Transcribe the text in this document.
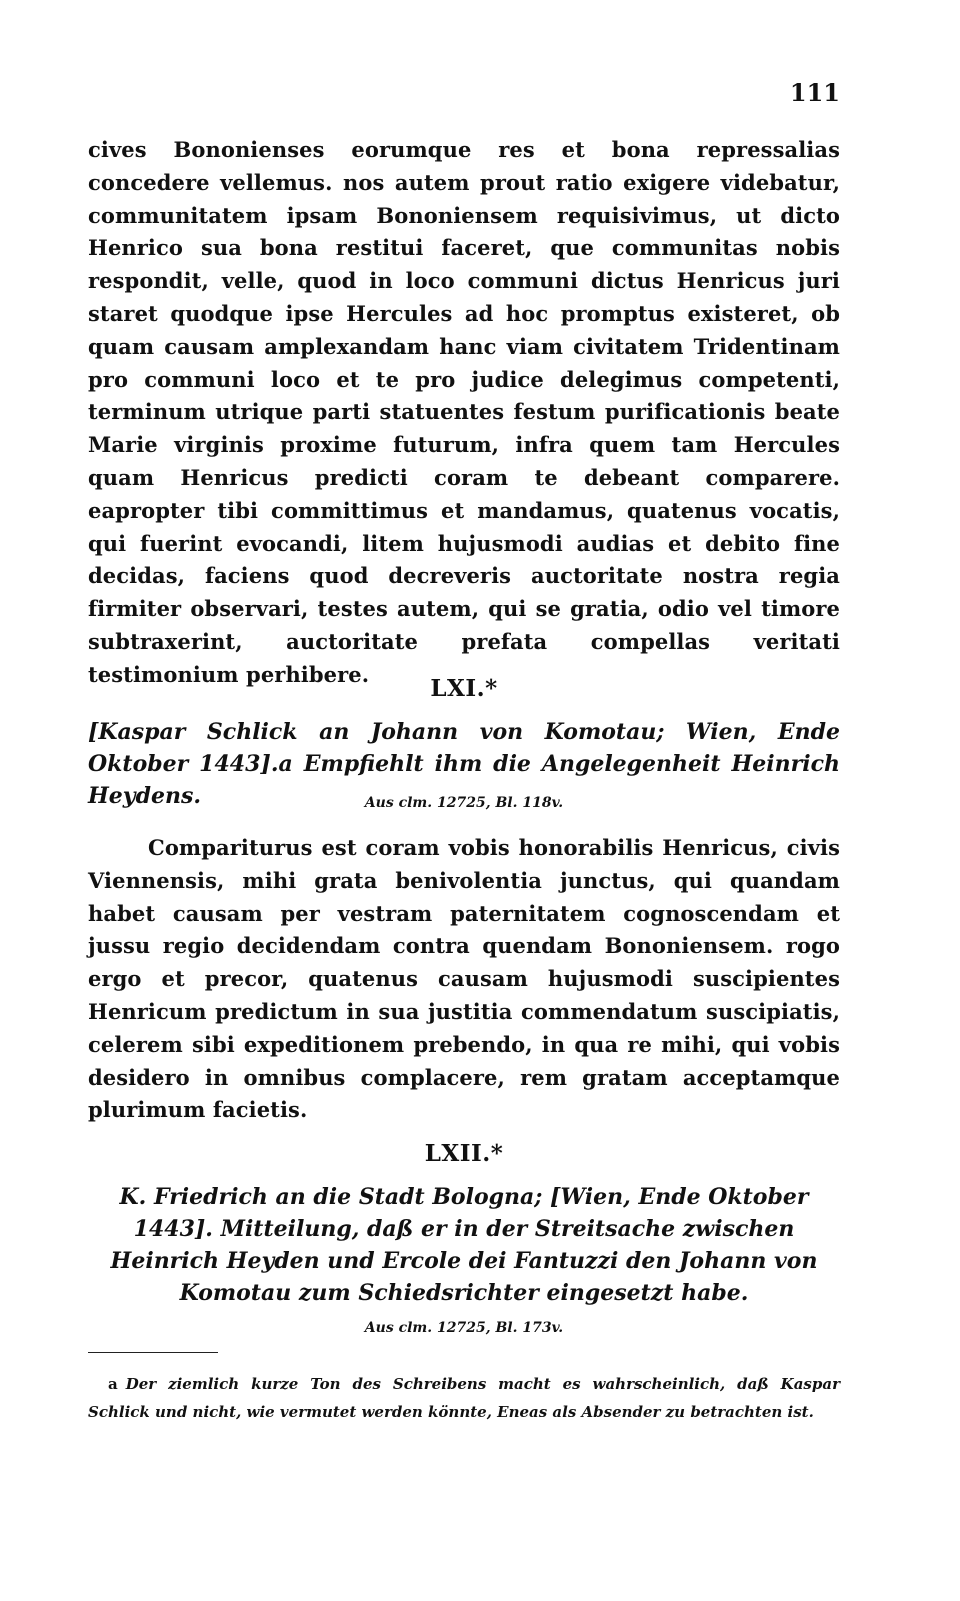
111

cives Bononienses eorumque res et bona repressalias concedere vellemus. nos autem prout ratio exigere videbatur, communitatem ipsam Bononiensem requisivimus, ut dicto Henrico sua bona restitui faceret, que communitas nobis respondit, velle, quod in loco communi dictus Henricus juri staret quodque ipse Hercules ad hoc promptus existeret, ob quam causam amplexandam hanc viam civitatem Tridentinam pro communi loco et te pro judice delegimus competenti, terminum utrique parti statuentes festum purificationis beate Marie virginis proxime futurum, infra quem tam Hercules quam Henricus predicti coram te debeant comparere. eapropter tibi committimus et mandamus, quatenus vocatis, qui fuerint evocandi, litem hujusmodi audias et debito fine decidas, faciens quod decreveris auctoritate nostra regia firmiter observari, testes autem, qui se gratia, odio vel timore subtraxerint, auctoritate prefata compellas veritati testimonium perhibere.

LXI.*
[Kaspar Schlick an Johann von Komotau; Wien, Ende Oktober 1443].a Empfiehlt ihm die Angelegenheit Heinrich Heydens.	Aus clm. 12725, Bl. 118v.

Compariturus est coram vobis honorabilis Henricus, civis Viennensis, mihi grata benivolentia junctus, qui quandam habet causam per vestram paternitatem cognoscendam et jussu regio decidendam contra quendam Bononiensem. rogo ergo et precor, quatenus causam hujusmodi suscipientes Henricum predictum in sua justitia commendatum suscipiatis, celerem sibi expeditionem prebendo, in qua re mihi, qui vobis desidero in omnibus complacere, rem gratam acceptamque plurimum facietis.

LXII.*
K. Friedrich an die Stadt Bologna; [Wien, Ende Oktober 1443]. Mitteilung, daß er in der Streitsache zwischen Heinrich Heyden und Ercole dei Fantuzzi den Johann von Komotau zum Schiedsrichter eingesetzt habe.
Aus clm. 12725, Bl. 173v.
a Der ziemlich kurze Ton des Schreibens macht es wahrscheinlich, daß Kaspar Schlick und nicht, wie vermutet werden könnte, Eneas als Absender zu betrachten ist.
